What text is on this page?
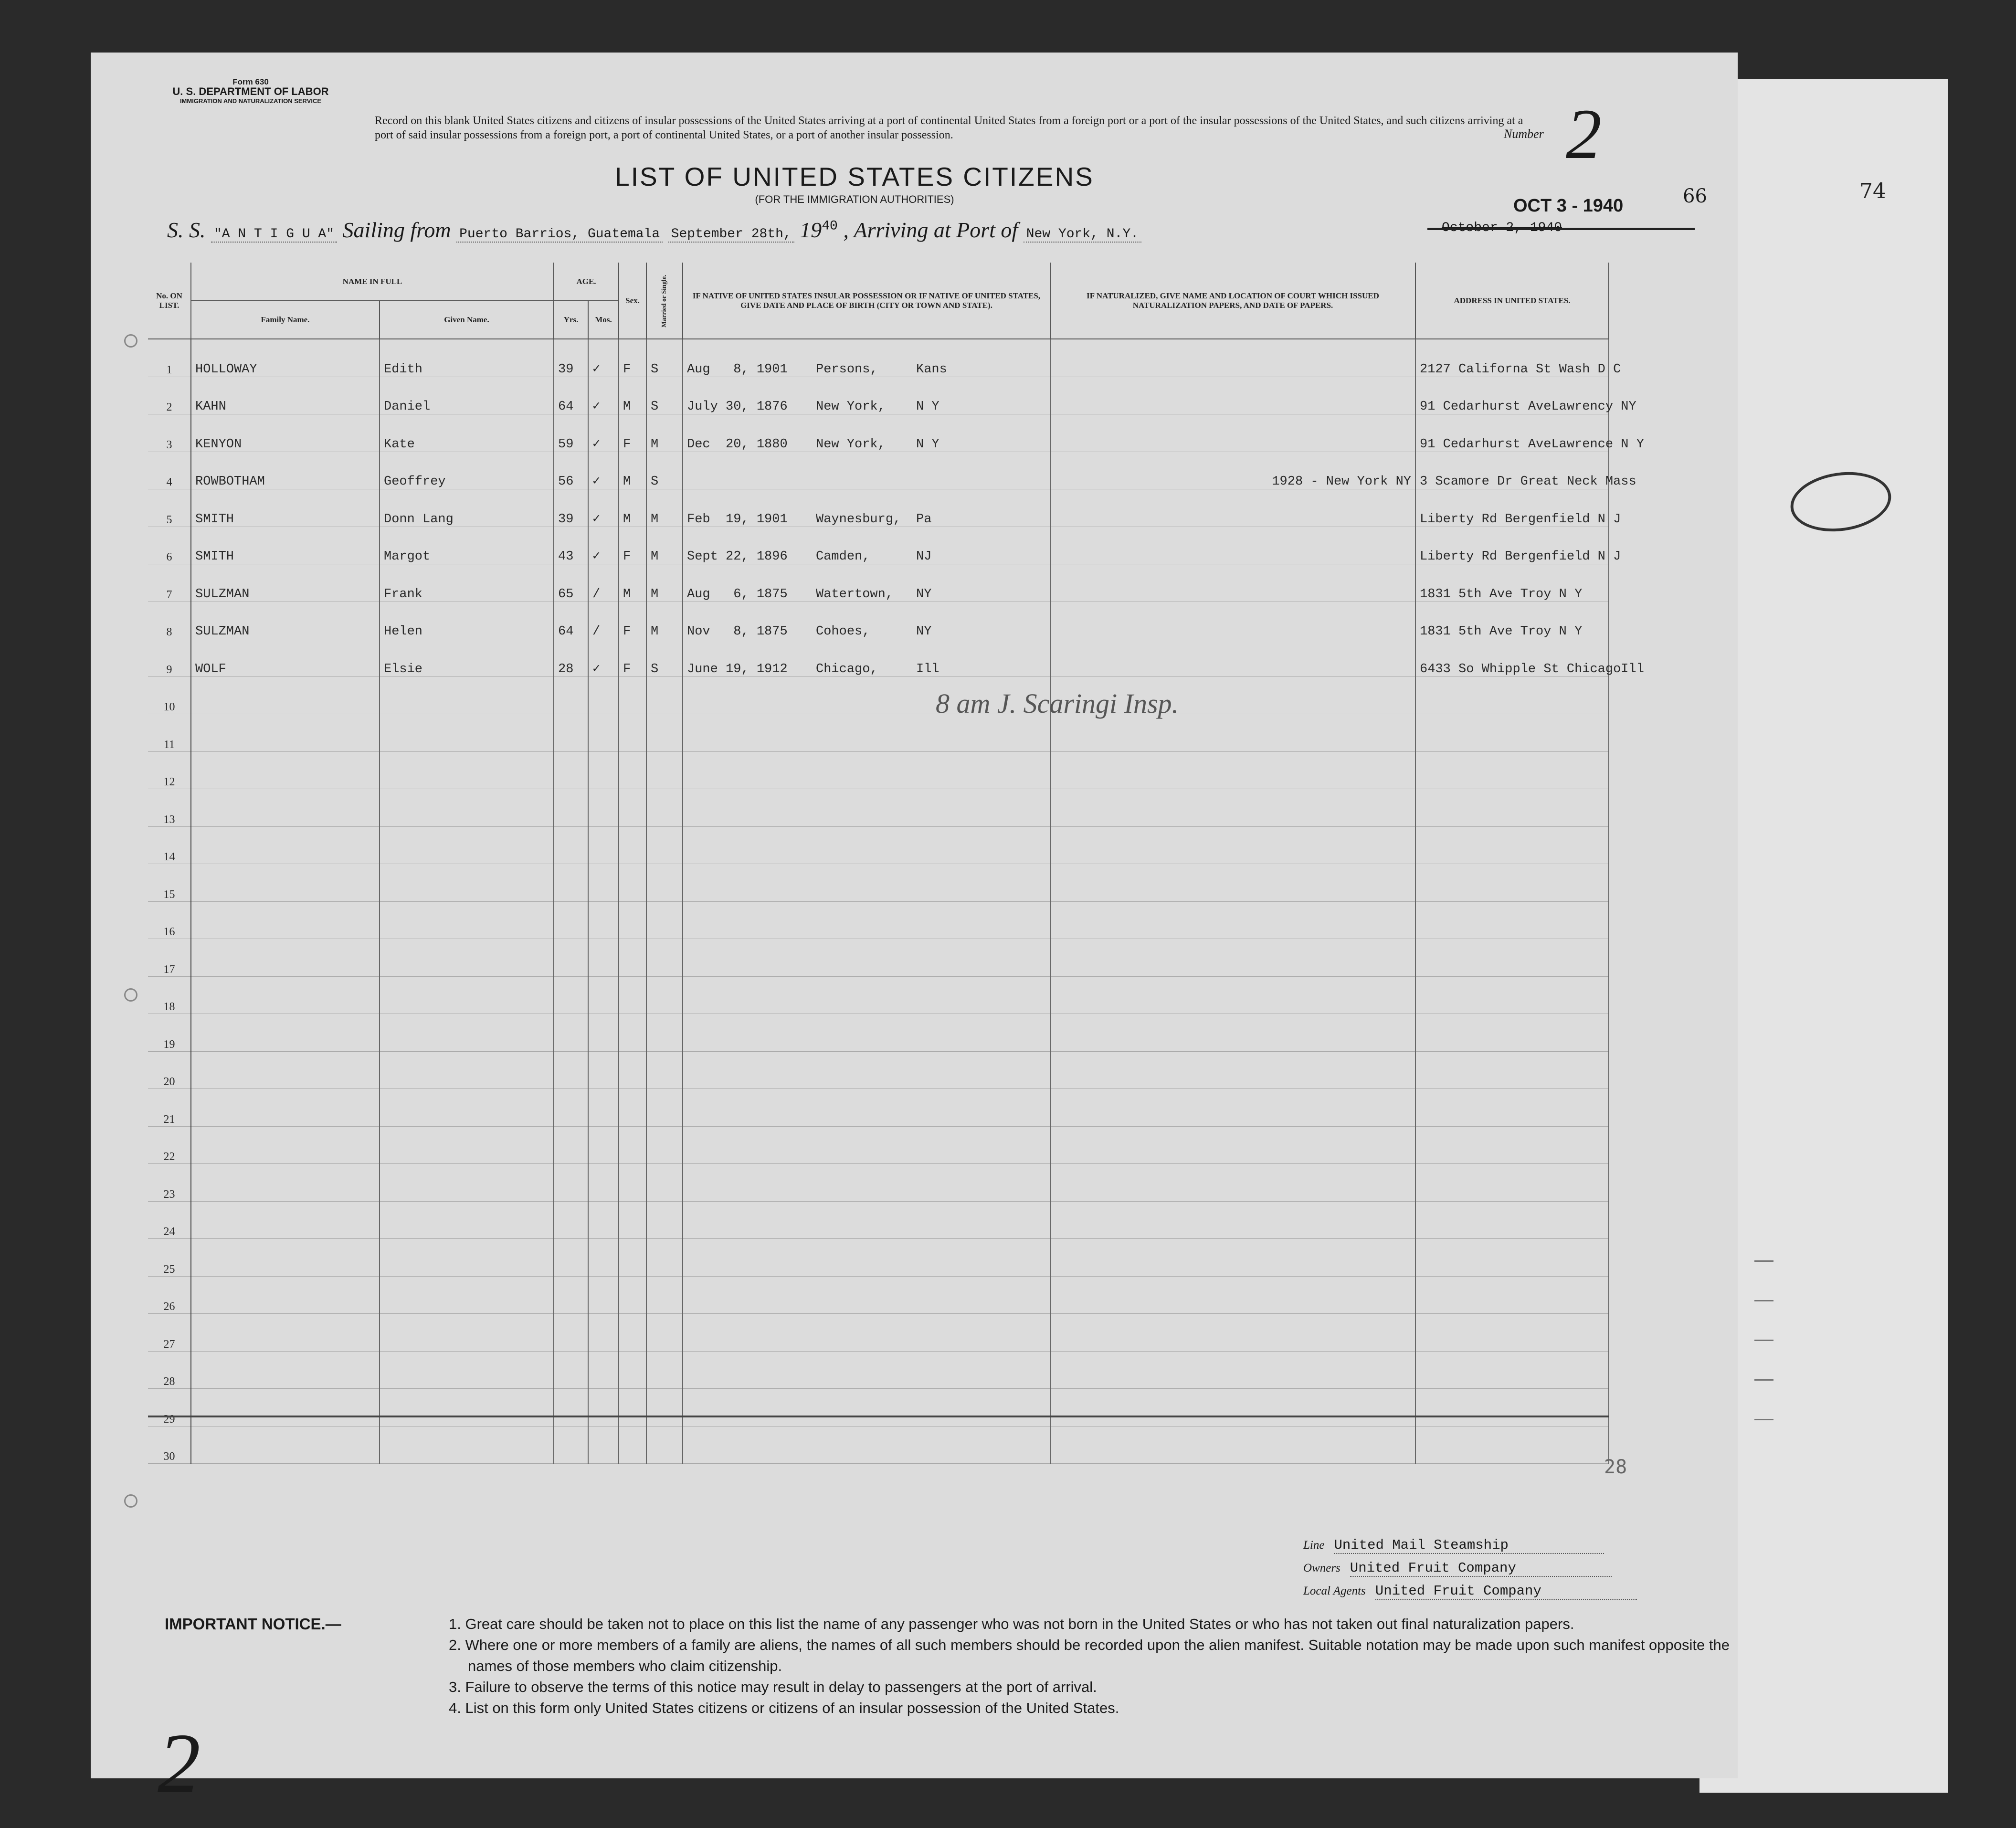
74
Form 630
U. S. DEPARTMENT OF LABOR
IMMIGRATION AND NATURALIZATION SERVICE
Record on this blank United States citizens and citizens of insular possessions of the United States arriving at a port of continental United States from a foreign port or a port of the insular possessions of the United States, and such citizens arriving at a port of said insular possessions from a foreign port, a port of continental United States, or a port of another insular possession.	Number 2
LIST OF UNITED STATES CITIZENS
(FOR THE IMMIGRATION AUTHORITIES)	66
OCT 3 - 1940
October 2, 1940
S. S. "A N T I G U A" Sailing from Puerto Barrios, Guatemala September 28th, $19^{40}$ , Arriving at Port of New York, N.Y.
No. ON LIST.	NAME IN FULL		AGE.		Sex.	Married or Single.	IF NATIVE OF UNITED STATES INSULAR POSSESSION OR IF NATIVE OF UNITED STATES, GIVE DATE AND PLACE OF BIRTH (CITY OR TOWN AND STATE).	IF NATURALIZED, GIVE NAME AND LOCATION OF COURT WHICH ISSUED NATURALIZATION PAPERS, AND DATE OF PAPERS.	ADDRESS IN UNITED STATES.
	Family Name.	Given Name.	Yrs.	Mos.					
1	HOLLOWAY	Edith	39	✓	F	S	Aug   8, 1901 Persons, Kans		2127 Californa St Wash D C
2	KAHN	Daniel	64	✓	M	S	July 30, 1876 New York, N Y		91 Cedarhurst AveLawrency NY
3	KENYON	Kate	59	✓	F	M	Dec  20, 1880 New York, N Y		91 Cedarhurst AveLawrence N Y
4	ROWBOTHAM	Geoffrey	56	✓	M	S		1928 - New York NY	3 Scamore Dr Great Neck Mass
5	SMITH	Donn Lang	39	✓	M	M	Feb  19, 1901 Waynesburg, Pa		Liberty Rd Bergenfield N J
6	SMITH	Margot	43	✓	F	M	Sept 22, 1896 Camden, NJ		Liberty Rd Bergenfield N J
7	SULZMAN	Frank	65	/	M	M	Aug   6, 1875 Watertown, NY		1831 5th Ave Troy N Y
8	SULZMAN	Helen	64	/	F	M	Nov   8, 1875 Cohoes, NY		1831 5th Ave Troy N Y
9	WOLF	Elsie	28	✓	F	S	June 19, 1912 Chicago, Ill		6433 So Whipple St ChicagoIll
10									
11									
12									
13									
14									
15									
16									
17									
18									
19									
20									
21									
22									
23									
24									
25									
26									
27									
28									
29									
30									
8 am J. Scaringi Insp.
28
Line United Mail Steamship
Owners United Fruit Company
Local Agents United Fruit Company
IMPORTANT NOTICE.—	1. Great care should be taken not to place on this list the name of any passenger who was not born in the United States or who has not taken out final naturalization papers.
2. Where one or more members of a family are aliens, the names of all such members should be recorded upon the alien manifest. Suitable notation may be made upon such manifest opposite the names of those members who claim citizenship.
3. Failure to observe the terms of this notice may result in delay to passengers at the port of arrival.
4. List on this form only United States citizens or citizens of an insular possession of the United States.
2
